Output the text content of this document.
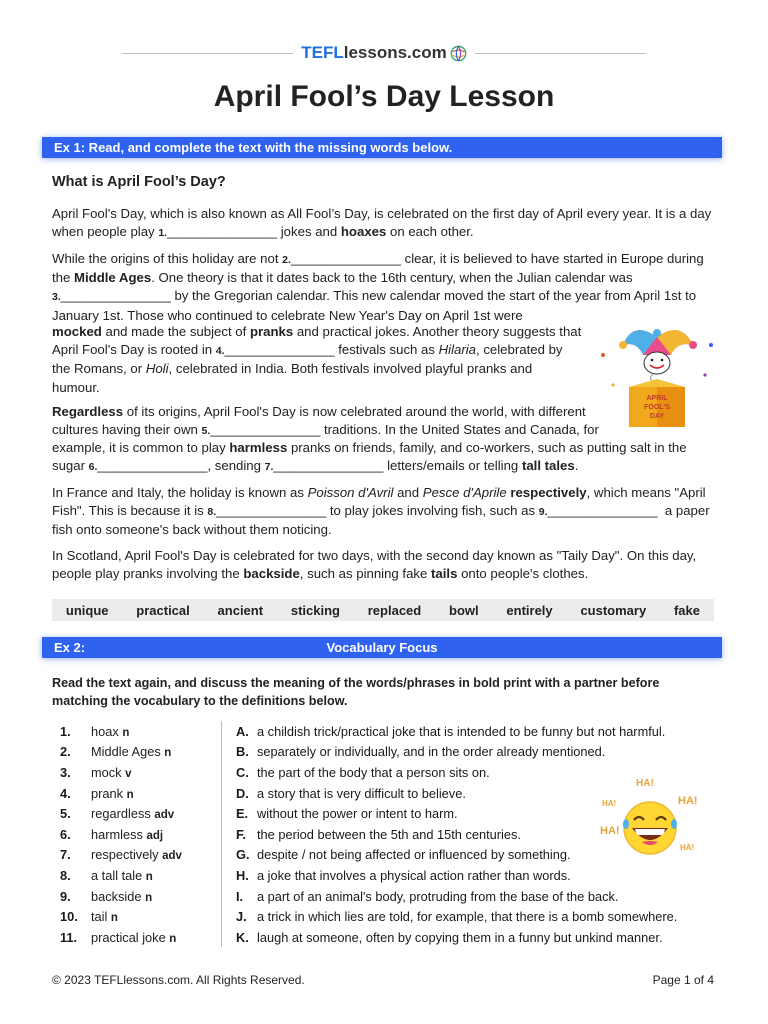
TEFL lessons.com
April Fool’s Day Lesson
Ex 1: Read, and complete the text with the missing words below.
What is April Fool’s Day?
April Fool's Day, which is also known as All Fool’s Day, is celebrated on the first day of April every year. It is a day when people play 1._______________ jokes and hoaxes on each other.
While the origins of this holiday are not 2._______________ clear, it is believed to have started in Europe during the Middle Ages. One theory is that it dates back to the 16th century, when the Julian calendar was 3._______________ by the Gregorian calendar. This new calendar moved the start of the year from April 1st to January 1st. Those who continued to celebrate New Year's Day on April 1st were
mocked and made the subject of pranks and practical jokes. Another theory suggests that April Fool's Day is rooted in 4._______________ festivals such as Hilaria, celebrated by the Romans, or Holi, celebrated in India. Both festivals involved playful pranks and humour.
Regardless of its origins, April Fool's Day is now celebrated around the world, with different cultures having their own 5._______________ traditions. In the United States and Canada, for
example, it is common to play harmless pranks on friends, family, and co-workers, such as putting salt in the sugar 6._______________, sending 7._______________ letters/emails or telling tall tales.
In France and Italy, the holiday is known as Poisson d'Avril and Pesce d'Aprile respectively, which means "April Fish". This is because it is 8._______________ to play jokes involving fish, such as 9._______________  a paper fish onto someone's back without them noticing.
In Scotland, April Fool's Day is celebrated for two days, with the second day known as "Taily Day". On this day, people play pranks involving the backside, such as pinning fake tails onto people's clothes.
APRIL
FOOL'S
DAY
unique practical ancient sticking replaced bowl entirely customary fake
Ex 2:	Vocabulary Focus
Read the text again, and discuss the meaning of the words/phrases in bold print with a partner before matching the vocabulary to the definitions below.
1.	hoax n
2.	Middle Ages n
3.	mock v
4.	prank n
5.	regardless adv
6.	harmless adj
7.	respectively adv
8.	a tall tale n
9.	backside n
10.	tail n
11.	practical joke n
A. a childish trick/practical joke that is intended to be funny but not harmful.
B. separately or individually, and in the order already mentioned.
C. the part of the body that a person sits on.
D. a story that is very difficult to believe.
E. without the power or intent to harm.
F. the period between the 5th and 15th centuries.
G. despite / not being affected or influenced by something.
H. a joke that involves a physical action rather than words.
I.	a part of an animal's body, protruding from the base of the back.
J. a trick in which lies are told, for example, that there is a bomb somewhere.
K. laugh at someone, often by copying them in a funny but unkind manner.
HA!
HA!	HA!
HA!
HA!
© 2023 TEFLlessons.com. All Rights Reserved.	Page 1 of 4
